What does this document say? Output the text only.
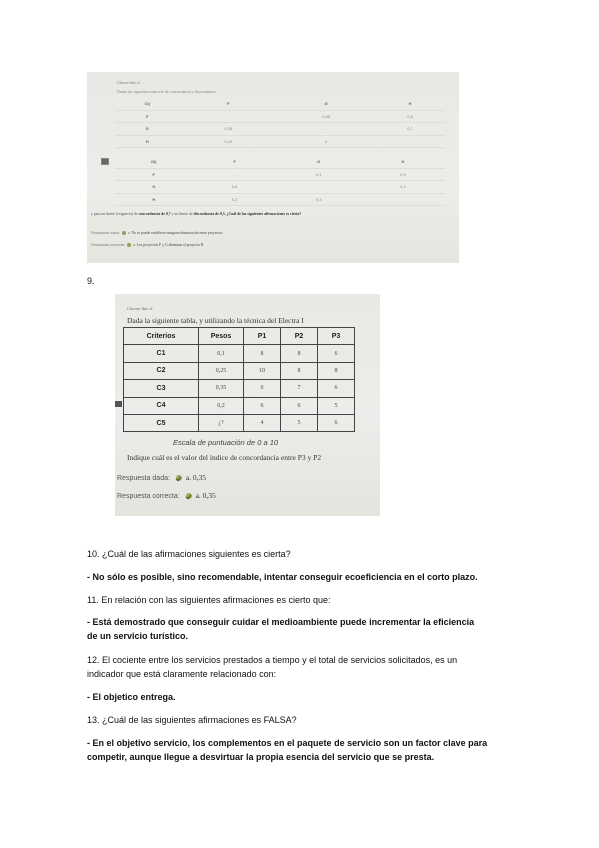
Choose this cl.
Dadas las siguientes matrices de concordancia y discordancia:
Cij	F	G	H
F	-	0,65	0,8
G	0,35	-	0,7
H	0,20	0	
Dij	F	G	H
F	-	0,1	0,3
G	0,6	-	0,1
H	0,3	0,3	
y para un límite (exigencia) de concordancia de 0,7 y un límite de discordancia de 0,3. ¿Cuál de las siguientes afirmaciones es cierta?
Respuesta dada: c. No se puede establecer ninguna dominación entre proyectos
Respuesta correcta: a. Los proyectos F y G dominan al proyecto H
9.
Choose this cl.
Dada la siguiente tabla, y utilizando la técnica del Electra I
Criterios	Pesos	P1	P2	P3
C1	0,1	8	8	6
C2	0,25	10	8	8
C3	0,35	6	7	6
C4	0,2	6	6	5
C5	¿?	4	5	6
Escala de puntuación de 0 a 10
Indique cuál es el valor del índice de concordancia entre P3 y P2
Respuesta dada: a. 0,35
Respuesta correcta: a. 0,35
10. ¿Cuál de las afirmaciones siguientes es cierta?
- No sólo es posible, sino recomendable, intentar conseguir ecoeficiencia en el corto plazo.
11. En relación con las siguientes afirmaciones es cierto que:
- Está demostrado que conseguir cuidar el medioambiente puede incrementar la eficiencia
de un servicio turístico.
12. El cociente entre los servicios prestados a tiempo y el total de servicios solicitados, es un
indicador que está claramente relacionado con:
- El objetico entrega.
13. ¿Cuál de las siguientes afirmaciones es FALSA?
- En el objetivo servicio, los complementos en el paquete de servicio son un factor clave para
competir, aunque llegue a desvirtuar la propia esencia del servicio que se presta.
